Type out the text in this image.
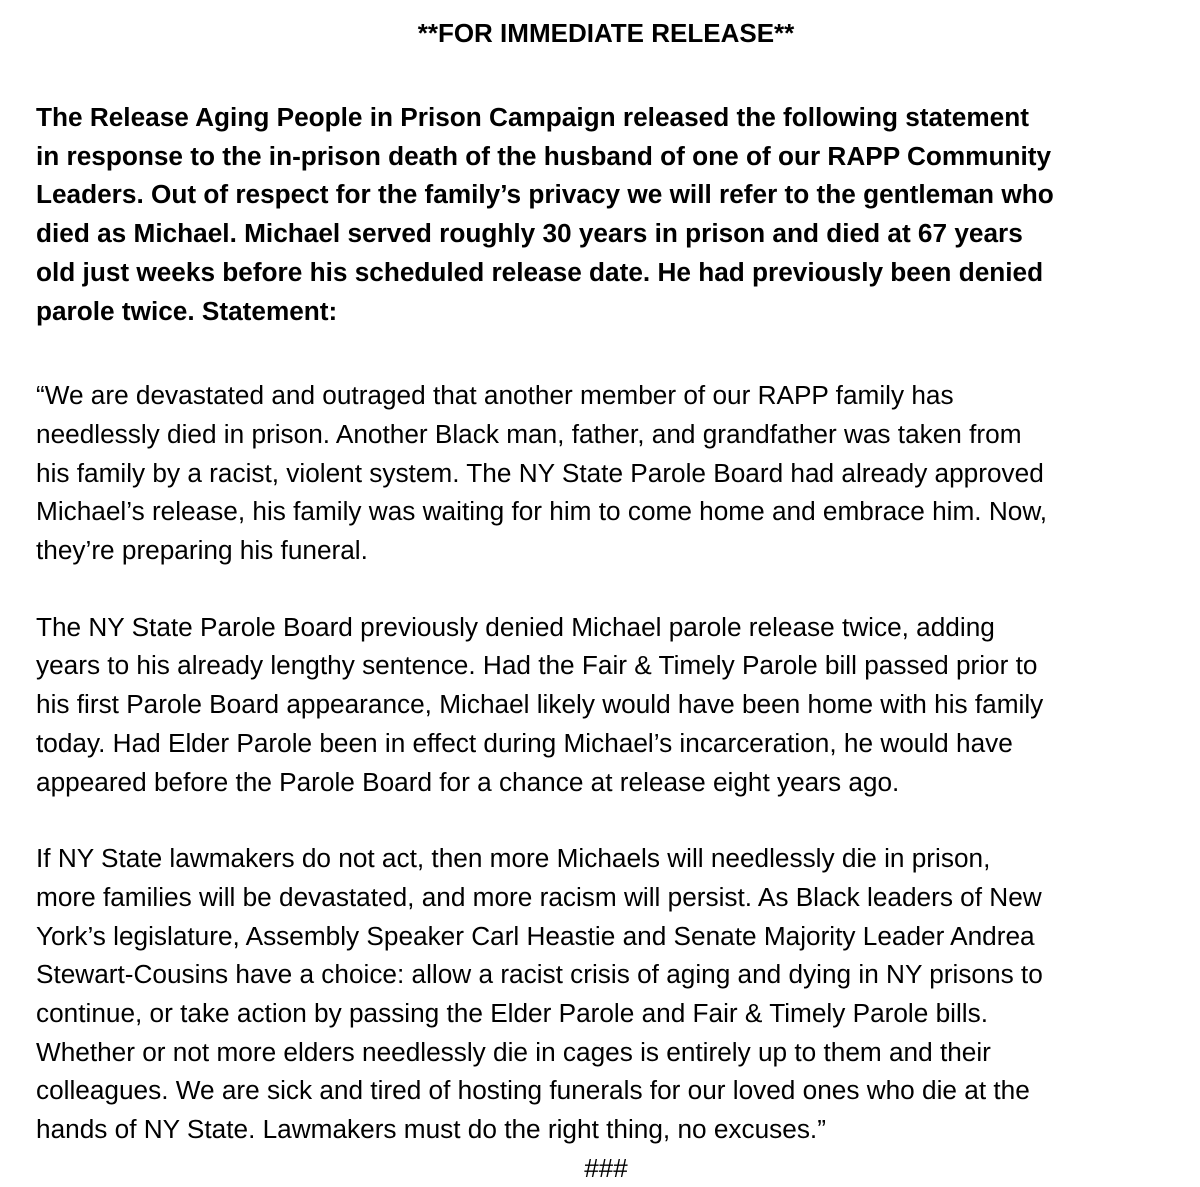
**FOR IMMEDIATE RELEASE**

The Release Aging People in Prison Campaign released the following statement
in response to the in-prison death of the husband of one of our RAPP Community
Leaders. Out of respect for the family’s privacy we will refer to the gentleman who
died as Michael. Michael served roughly 30 years in prison and died at 67 years
old just weeks before his scheduled release date. He had previously been denied
parole twice. Statement:

“We are devastated and outraged that another member of our RAPP family has
needlessly died in prison. Another Black man, father, and grandfather was taken from
his family by a racist, violent system. The NY State Parole Board had already approved
Michael’s release, his family was waiting for him to come home and embrace him. Now,
they’re preparing his funeral.

The NY State Parole Board previously denied Michael parole release twice, adding
years to his already lengthy sentence. Had the Fair & Timely Parole bill passed prior to
his first Parole Board appearance, Michael likely would have been home with his family
today. Had Elder Parole been in effect during Michael’s incarceration, he would have
appeared before the Parole Board for a chance at release eight years ago.

If NY State lawmakers do not act, then more Michaels will needlessly die in prison,
more families will be devastated, and more racism will persist. As Black leaders of New
York’s legislature, Assembly Speaker Carl Heastie and Senate Majority Leader Andrea
Stewart-Cousins have a choice: allow a racist crisis of aging and dying in NY prisons to
continue, or take action by passing the Elder Parole and Fair & Timely Parole bills.
Whether or not more elders needlessly die in cages is entirely up to them and their
colleagues. We are sick and tired of hosting funerals for our loved ones who die at the
hands of NY State. Lawmakers must do the right thing, no excuses.”

###
